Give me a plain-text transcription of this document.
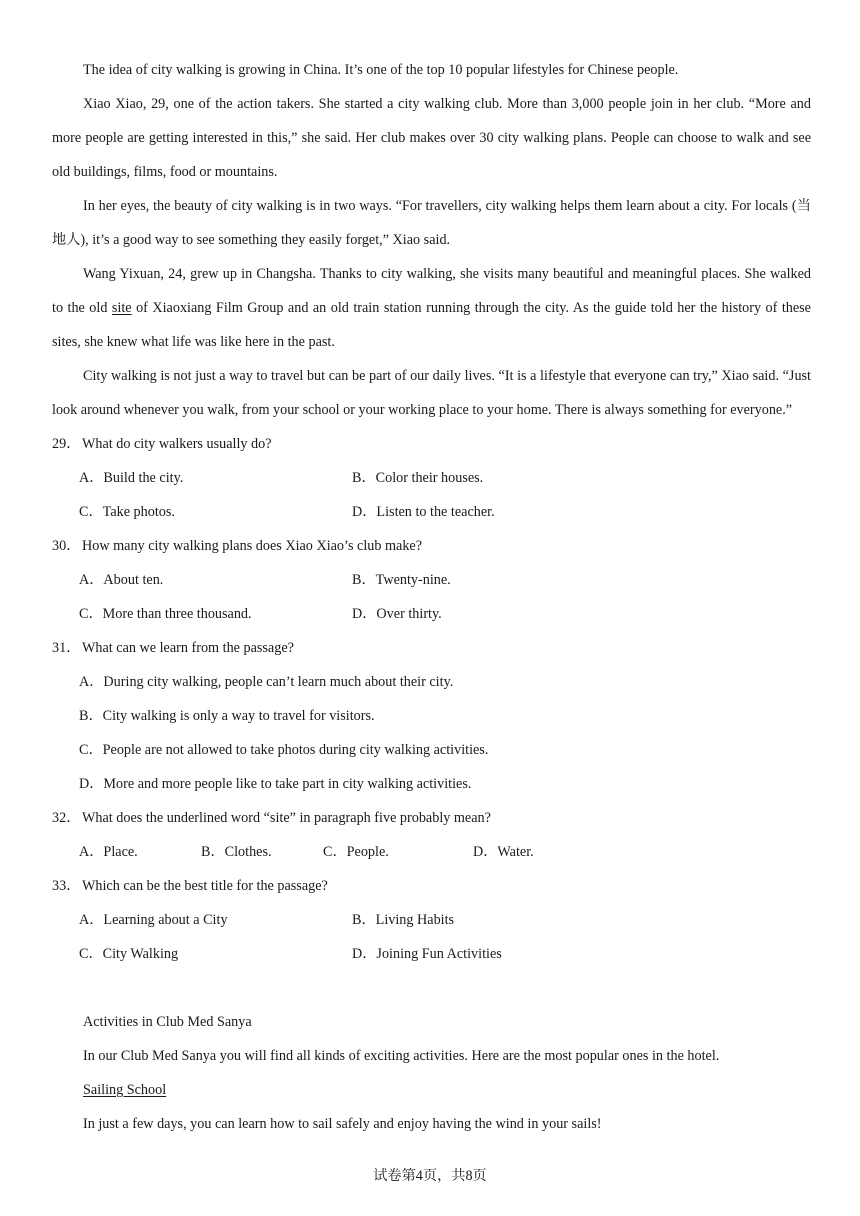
The idea of city walking is growing in China. It’s one of the top 10 popular lifestyles for Chinese people.

Xiao Xiao, 29, one of the action takers. She started a city walking club. More than 3,000 people join in her club. “More and more people are getting interested in this,” she said. Her club makes over 30 city walking plans. People can choose to walk and see old buildings, films, food or mountains.

In her eyes, the beauty of city walking is in two ways. “For travellers, city walking helps them learn about a city. For locals (当地人), it’s a good way to see something they easily forget,” Xiao said.

Wang Yixuan, 24, grew up in Changsha. Thanks to city walking, she visits many beautiful and meaningful places. She walked to the old site of Xiaoxiang Film Group and an old train station running through the city. As the guide told her the history of these sites, she knew what life was like here in the past.

City walking is not just a way to travel but can be part of our daily lives. “It is a lifestyle that everyone can try,” Xiao said. “Just look around whenever you walk, from your school or your working place to your home. There is always something for everyone.”

29． What do city walkers usually do?

A．Build the city.	B．Color their houses.
C．Take photos.	D．Listen to the teacher.

30． How many city walking plans does Xiao Xiao’s club make?

A．About ten.	B．Twenty-nine.
C．More than three thousand.	D．Over thirty.

31． What can we learn from the passage?

A．During city walking, people can’t learn much about their city.
B．City walking is only a way to travel for visitors.
C．People are not allowed to take photos during city walking activities.
D．More and more people like to take part in city walking activities.

32． What does the underlined word “site” in paragraph five probably mean?

A．Place.	B．Clothes.	C．People.	D．Water.

33． Which can be the best title for the passage?

A．Learning about a City	B．Living Habits
C．City Walking	D．Joining Fun Activities

Activities in Club Med Sanya

In our Club Med Sanya you will find all kinds of exciting activities. Here are the most popular ones in the hotel.

Sailing School

In just a few days, you can learn how to sail safely and enjoy having the wind in your sails!

试卷第4页，共8页
